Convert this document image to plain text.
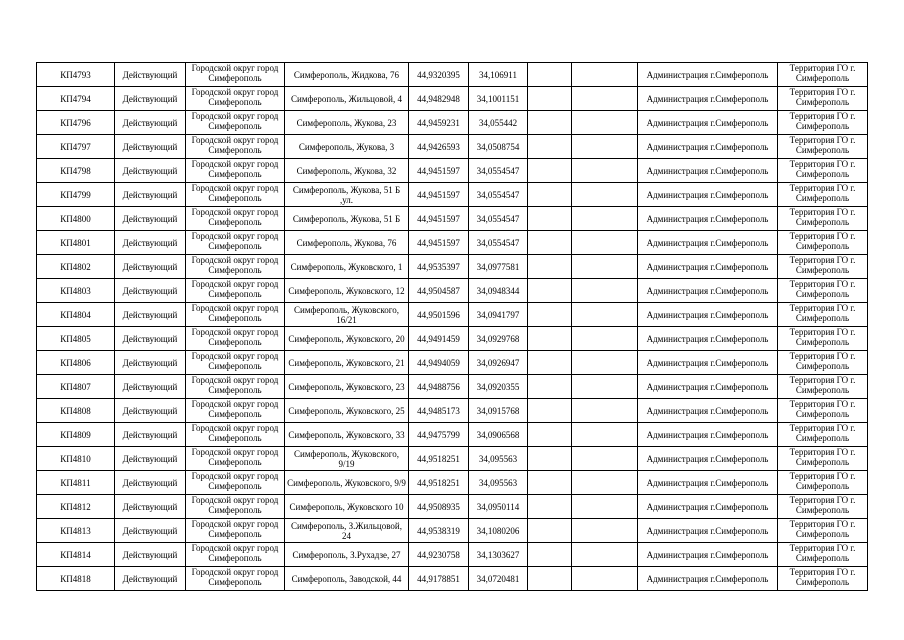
КП4793	Действующий	Городской округ город Симферополь	Симферополь, Жидкова, 76	44,9320395	34,106911			Администрация г.Симферополь	Территория ГО г. Симферополь
КП4794	Действующий	Городской округ город Симферополь	Симферополь, Жильцовой, 4	44,9482948	34,1001151			Администрация г.Симферополь	Территория ГО г. Симферополь
КП4796	Действующий	Городской округ город Симферополь	Симферополь, Жукова, 23	44,9459231	34,055442			Администрация г.Симферополь	Территория ГО г. Симферополь
КП4797	Действующий	Городской округ город Симферополь	Симферополь, Жукова, 3	44,9426593	34,0508754			Администрация г.Симферополь	Территория ГО г. Симферополь
КП4798	Действующий	Городской округ город Симферополь	Симферополь, Жукова, 32	44,9451597	34,0554547			Администрация г.Симферополь	Территория ГО г. Симферополь
КП4799	Действующий	Городской округ город Симферополь	Симферополь, Жукова, 51 Б ,ул.	44,9451597	34,0554547			Администрация г.Симферополь	Территория ГО г. Симферополь
КП4800	Действующий	Городской округ город Симферополь	Симферополь, Жукова, 51 Б	44,9451597	34,0554547			Администрация г.Симферополь	Территория ГО г. Симферополь
КП4801	Действующий	Городской округ город Симферополь	Симферополь, Жукова, 76	44,9451597	34,0554547			Администрация г.Симферополь	Территория ГО г. Симферополь
КП4802	Действующий	Городской округ город Симферополь	Симферополь, Жуковского, 1	44,9535397	34,0977581			Администрация г.Симферополь	Территория ГО г. Симферополь
КП4803	Действующий	Городской округ город Симферополь	Симферополь, Жуковского, 12	44,9504587	34,0948344			Администрация г.Симферополь	Территория ГО г. Симферополь
КП4804	Действующий	Городской округ город Симферополь	Симферополь, Жуковского, 16/21	44,9501596	34,0941797			Администрация г.Симферополь	Территория ГО г. Симферополь
КП4805	Действующий	Городской округ город Симферополь	Симферополь, Жуковского, 20	44,9491459	34,0929768			Администрация г.Симферополь	Территория ГО г. Симферополь
КП4806	Действующий	Городской округ город Симферополь	Симферополь, Жуковского, 21	44,9494059	34,0926947			Администрация г.Симферополь	Территория ГО г. Симферополь
КП4807	Действующий	Городской округ город Симферополь	Симферополь, Жуковского, 23	44,9488756	34,0920355			Администрация г.Симферополь	Территория ГО г. Симферополь
КП4808	Действующий	Городской округ город Симферополь	Симферополь, Жуковского, 25	44,9485173	34,0915768			Администрация г.Симферополь	Территория ГО г. Симферополь
КП4809	Действующий	Городской округ город Симферополь	Симферополь, Жуковского, 33	44,9475799	34,0906568			Администрация г.Симферополь	Территория ГО г. Симферополь
КП4810	Действующий	Городской округ город Симферополь	Симферополь, Жуковского, 9/19	44,9518251	34,095563			Администрация г.Симферополь	Территория ГО г. Симферополь
КП4811	Действующий	Городской округ город Симферополь	Симферополь, Жуковского, 9/9	44,9518251	34,095563			Администрация г.Симферополь	Территория ГО г. Симферополь
КП4812	Действующий	Городской округ город Симферополь	Симферополь, Жуковского 10	44,9508935	34,0950114			Администрация г.Симферополь	Территория ГО г. Симферополь
КП4813	Действующий	Городской округ город Симферополь	Симферополь, З.Жильцовой, 24	44,9538319	34,1080206			Администрация г.Симферополь	Территория ГО г. Симферополь
КП4814	Действующий	Городской округ город Симферополь	Симферополь, З.Рухадзе, 27	44,9230758	34,1303627			Администрация г.Симферополь	Территория ГО г. Симферополь
КП4818	Действующий	Городской округ город Симферополь	Симферополь, Заводской, 44	44,9178851	34,0720481			Администрация г.Симферополь	Территория ГО г. Симферополь
